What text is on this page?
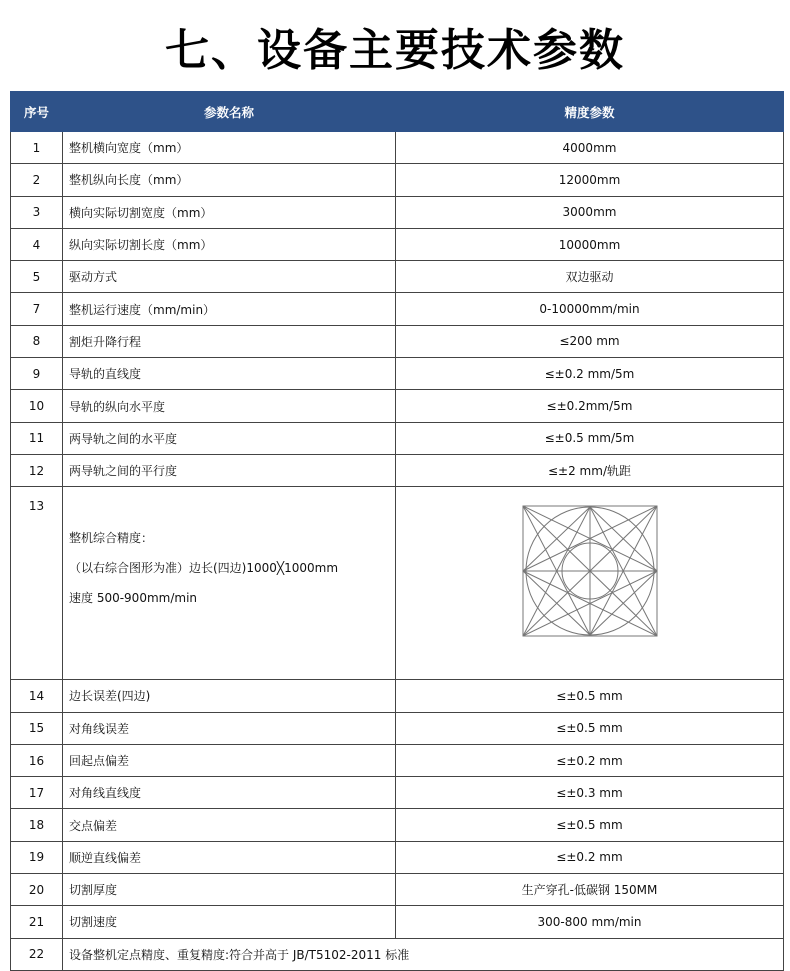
七、设备主要技术参数
序号	参数名称	精度参数
1	整机横向宽度（mm）	4000mm
2	整机纵向长度（mm）	12000mm
3	横向实际切割宽度（mm）	3000mm
4	纵向实际切割长度（mm）	10000mm
5	驱动方式	双边驱动
7	整机运行速度（mm/min）	0-10000mm/min
8	割炬升降行程	≤200 mm
9	导轨的直线度	≤±0.2 mm/5m
10	导轨的纵向水平度	≤±0.2mm/5m
11	两导轨之间的水平度	≤±0.5 mm/5m
12	两导轨之间的平行度	≤±2 mm/轨距
13	整机综合精度：
（以右综合图形为准）边长(四边)1000╳1000mm
速度 500-900mm/min

14	边长误差(四边)	≤±0.5 mm
15	对角线误差	≤±0.5 mm
16	回起点偏差	≤±0.2 mm
17	对角线直线度	≤±0.3 mm
18	交点偏差	≤±0.5 mm
19	顺逆直线偏差	≤±0.2 mm
20	切割厚度	生产穿孔-低碳钢 150MM
21	切割速度	300-800 mm/min
22	设备整机定点精度、重复精度:符合并高于 JB/T5102-2011 标准	
